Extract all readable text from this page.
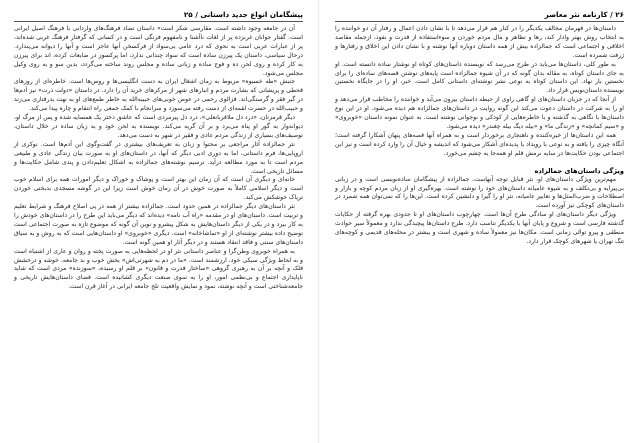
پیشگامان انواع جدید داستانی / ۲۵

آن در جامعه وجود داشته است. مقارسی شکر است» داستان تضاد فرهنگ‌های واردانی با فرهنگ اصیل ایرانی است. گفتار جوانان غربزده پر از لغات ناآشنا و نامفهوم فرنگی است و در کسانی که گرفتار فرهنگ غربی شده‌اند، پر از عبارات عربی است به نحوی که درد عامی بی‌سواد از فرکسخن آنها عاجز است و آنها را دیوانه می‌پندارد. درحال سیاسی، داستان یک پیرزن ساده است که سواد چندانی ندارد، اما پرکسوز در ضایعات کرده، اند برای پیرزن به کار کرده و روی لحن ده و فوج ساده و زبانی ساده و مجلس روند ساخته می‌گردد، بدین سو و به روی وکیل مجلس می‌شود.

جنبش «طه خسیوه» مربوط به زمان اشغال ایران به دست انگلیسی‌ها و روس‌ها است. خاطره‌ای از روزهای قحطی و پریشانی که بشارت مردم و انبارهای شهر از مرکزهای خرید آن را دارد. در داستان «دولت ذرت» نیز آدم‌ها در گیر فقر و گرسنگی‌اند. قزالوی رحمی در عوض خوبی‌های حبیبه‌الله به خاطر طمع‌های او به نهت بدرفتاری می‌زند و حبیب‌الله در حسرت لقمه‌ای از دست رفته می‌سوزد و سرانجام با کمک جمعی راه انتقام و چاره پیدا می‌کند.

دیگر قرمزتان، «درد دل ملاقربانعلی»، درد دل پیرمردی است که عاشق دختر یک همسایه شده و پس از مرگ او، دیوانه‌وار به گور او پناه می‌برد و بر آن گریه می‌کند. نویسنده به لحن خود و به زبان ساده در خلال داستان، توصیف‌های بسیاری از زندگی مردم عادی و فقیر در شهر به دست می‌دهد.

نثر جمالزاده آثار مراجعی بر محتوا و زبان به تعریف‌های بیشتری در گفت‌وگوی این آدم‌ها است. نوکری از اروپایی‌ها، فرم داستانی، اما به دوری ادبی دیگر که آنها، در داستان‌های او به صورت بیان زندگی عادی و طبیعی مردم است تا به مورد مطالعه درآید. ترسیم نوشته‌های جمالزاده به اشکال تعلیم‌دادن و پندی شامل حکایت‌ها و مسائل تاریخی است.

خانه‌ای و دیگری آن است که آن زمان این بهتر است و پوشاک و خوراک و دیگر امورات همه برای اسلام خوب است و دیگر اسلامی کاملاً به صورت خوش در آن زمان خوش است زیرا این در گوشه مسجدی بدبختی خوردن تریاک خوشکش می‌کند.

نثر داستان‌های دیگر جمالزاده در همین حدود است. جمالزاده بیشتر از همه در پی اصلاح فرهنگ و شرایط تعلیم و تربیت است. داستان‌های او در مقدمه «راه آب نامه» دیده‌اند که دیگر می‌باید این طرح را در داستان‌های خودش را به کار ببرد و در یکی از دیگر داستان‌هایش به شکل پیشرو و نوین آن گونه که موضوع تازه به صورت اجتماعی است توضیح داده بیشتر نوشته‌ای از او «تماشاخانه» است. دیگری «خوبروی» او داستان‌هایی است که به روش و به سیاق داستان‌های سنتی و فاقد انتقاد هستند و در دیگر آثار او همین گونه است.

به همراه خوبروی وطن‌گرا و عناصر داستانی نثر او در لحظه‌هایی به صورت پخته و روان و عاری از اشتباه است و به لحاظ ویژگی سبکی خود، ارزشمند است. «ما در دم به شهرتی‌اش» بخش خوب و بد جامعه، خوشه و درخشش فلک و آنچه بر آن به رهبری گروهی «ساختار قدرت و قانون» بر قلم او رسیده، «سوزنده» مردی است که شاید ناپایداری اجتماع و بی‌نظمی امور، او را به سوی صنعت دیگری کشانیده است. فضای داستان‌هایش تاریخی و جامعه‌شناختی است و آنچه نوشته، نمود و نمایش واقعیت تلخ جامعه ایرانی در آغاز قرن است.

۲۶ / کارنامه نثر معاصر

داستان‌ها در قهرمان مخالف یکدیگر را در کنار هم قرار می‌دهد تا با نشان دادن اعمال و رفتار آن دو خواننده را به انتخاب روش بهتر وادار کند، رها و تظاهر و مال مردم خوردن و سوءاستفاده از قدرت و نفوذ، ازجمله مقاصد اخلاقی و اجتماعی است که جمالزاده بیش از همه داستان دوباره آنها نوشته و با نشان دادن این اخلاق و رفتارها و ژرفت شمرده است.

به طور کلی، داستان‌ها می‌باید در طرح می‌رسد که نویسنده داستان‌های کوتاه او نوشتار ساده دانسته است. او به جای داستان کوتاه، به مقاله بدان گونه که در آن شیوه جمالزاده است پایه‌های نوشتن قصه‌های ساده‌ای را برای نخستین بار نهاد. این داستان کوتاه به نوعی نشر نوشته‌ای داستانی کامل است. خبر، او را در جایگاه نخستین نویسنده داستان‌نویس قرار داد.

از آنجا که در جریان داستان‌های او گاهی راوی از حیطه داستان بیرون می‌آید و خواننده را مخاطب قرار می‌دهد و او را به شرکت در داستان دعوت می‌کند این گونه روایت در داستان‌های جمالزاده هم دیده می‌شود. او در این نوع داستان‌ها با نگاهی به گذشته و با خاطره‌هایی از کودکی و نوجوانی نوشته است. به عنوان نمونه داستان «خوبروی» و «سیم کمانچه» و «زندگی ما» و «بیله دیگ بیله چغندر» دیده می‌شود.

همه این داستان‌ها از خیره‌کننده و ناهنجاری برخوردار است و به همراه آنها قصه‌های پنهان آشکارا گرفته است؛ آنگاه چیزی را یافته و به نوعی با رویداد یا پدیده‌ای آشکار می‌شود که اندیشه و خیال آن را وارد کرده است و نیز این اجتماعی بودن حکایت‌ها در سایه نرمش قلم او همه‌جا به چشم می‌خورد.

ویژگی داستان‌های جمالزاده

مهم‌ترین ویژگی داستان‌های او، نثر قبایل توجه آنهاست. جمالزاده از پیشگامان ساده‌نویسی است و در زبانی بی‌پیرایه و بی‌تکلف و به شیوه عامیانه داستان‌های خود را نوشته است. بهره‌گیری او از زبان مردم کوچه و بازار و اصطلاحات و ضرب‌المثل‌ها و تعابیر عامیانه، نثر او را گیرا و دلنشین کرده است. این‌ها را که نمی‌توان همه شمرد در داستان‌های کوچکی نیز آورده است.

ویژگی دیگر داستان‌های او سادگی طرح آن‌ها است. چهارچوب داستان‌های او تا حدودی بهره گرفته از حکایات گذشته فارسی است و شروع و پایان آنها با یکدیگر تناسب دارد. طرح داستان‌ها پیچیدگی ندارد و معمولاً سیر حوادث منطقی و پیرو توالی زمانی است. مکان‌ها نیز معمولاً ساده و شهری است و بیشتر در محله‌های قدیمی و کوچه‌های تنگ تهران یا شهرهای کوچک قرار دارد.
